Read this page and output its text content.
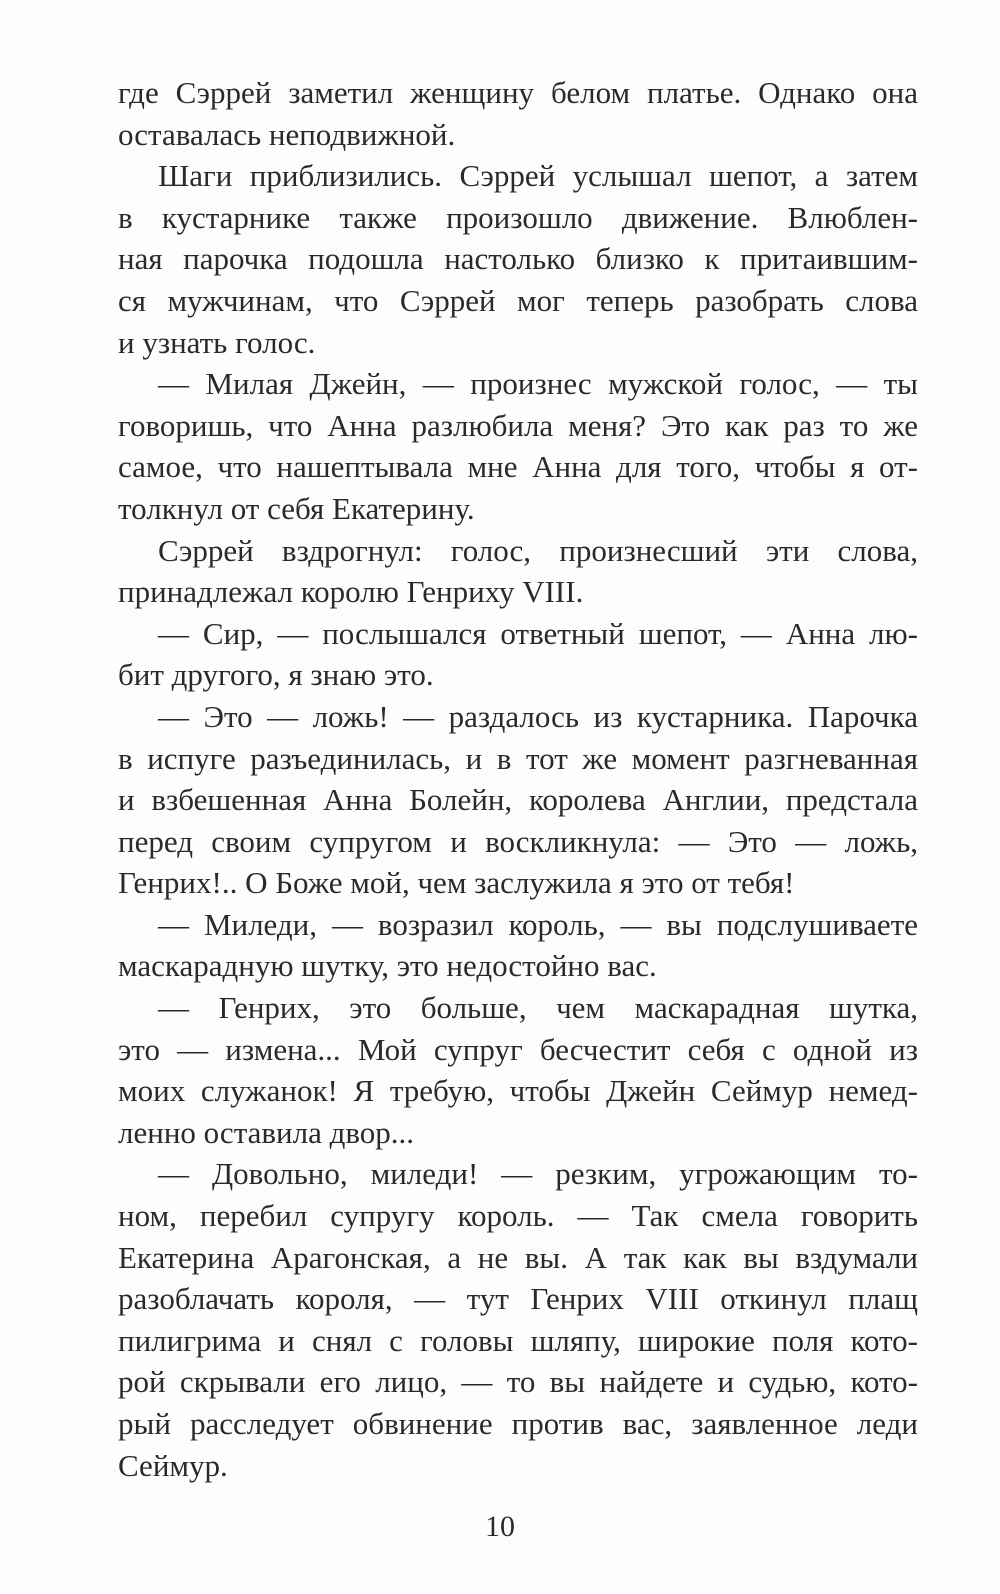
где Сэррей заметил женщину белом платье. Однако она
оставалась неподвижной.
Шаги приблизились. Сэррей услышал шепот, а затем
в кустарнике также произошло движение. Влюблен-
ная парочка подошла настолько близко к притаившим-
ся мужчинам, что Сэррей мог теперь разобрать слова
и узнать голос.
— Милая Джейн, — произнес мужской голос, — ты
говоришь, что Анна разлюбила меня? Это как раз то же
самое, что нашептывала мне Анна для того, чтобы я от-
толкнул от себя Екатерину.
Сэррей вздрогнул: голос, произнесший эти слова,
принадлежал королю Генриху VIII.
— Сир, — послышался ответный шепот, — Анна лю-
бит другого, я знаю это.
— Это — ложь! — раздалось из кустарника. Парочка
в испуге разъединилась, и в тот же момент разгневанная
и взбешенная Анна Болейн, королева Англии, предстала
перед своим супругом и воскликнула: — Это — ложь,
Генрих!.. О Боже мой, чем заслужила я это от тебя!
— Миледи, — возразил король, — вы подслушиваете
маскарадную шутку, это недостойно вас.
— Генрих, это больше, чем маскарадная шутка,
это — измена... Мой супруг бесчестит себя с одной из
моих служанок! Я требую, чтобы Джейн Сеймур немед-
ленно оставила двор...
— Довольно, миледи! — резким, угрожающим то-
ном, перебил супругу король. — Так смела говорить
Екатерина Арагонская, а не вы. А так как вы вздумали
разоблачать короля, — тут Генрих VIII откинул плащ
пилигрима и снял с головы шляпу, широкие поля кото-
рой скрывали его лицо, — то вы найдете и судью, кото-
рый расследует обвинение против вас, заявленное леди
Сеймур.
10
